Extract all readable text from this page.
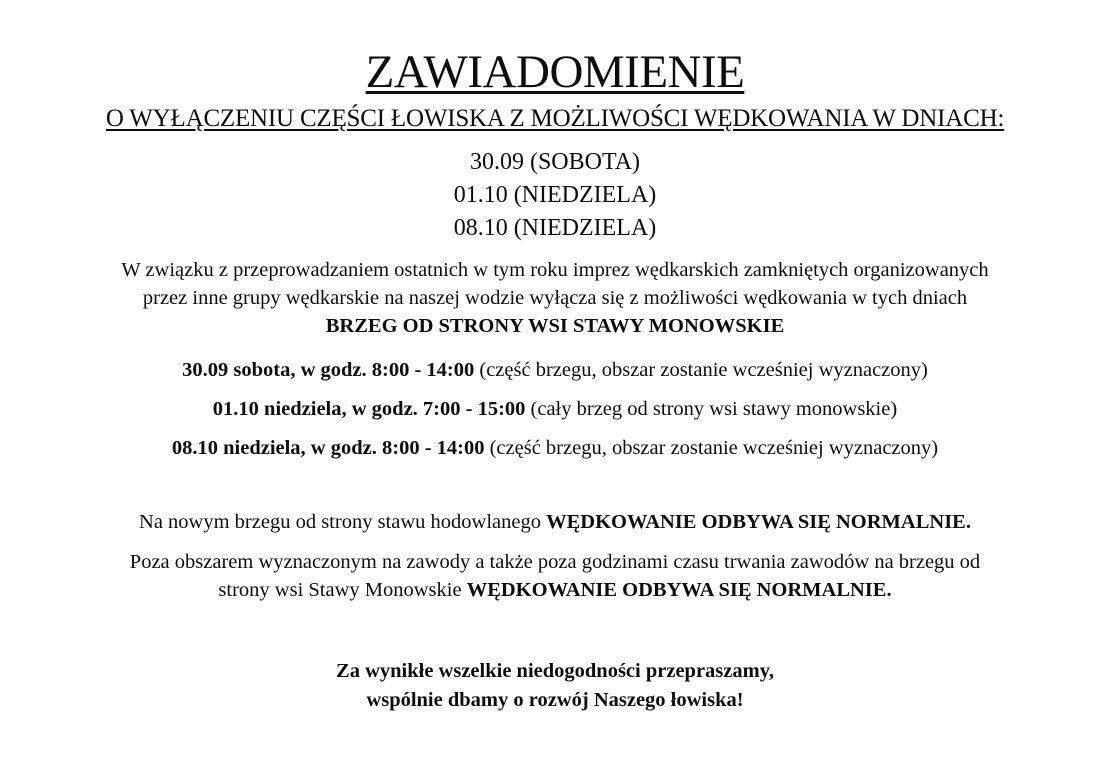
ZAWIADOMIENIE
O WYŁĄCZENIU CZĘŚCI ŁOWISKA Z MOŻLIWOŚCI WĘDKOWANIA W DNIACH:
30.09 (SOBOTA)
01.10 (NIEDZIELA)
08.10 (NIEDZIELA)
W związku z przeprowadzaniem ostatnich w tym roku imprez wędkarskich zamkniętych organizowanych
przez inne grupy wędkarskie na naszej wodzie wyłącza się z możliwości wędkowania w tych dniach
BRZEG OD STRONY WSI STAWY MONOWSKIE
30.09 sobota, w godz. 8:00 - 14:00 (część brzegu, obszar zostanie wcześniej wyznaczony)
01.10 niedziela, w godz. 7:00 - 15:00 (cały brzeg od strony wsi stawy monowskie)
08.10 niedziela, w godz. 8:00 - 14:00 (część brzegu, obszar zostanie wcześniej wyznaczony)
Na nowym brzegu od strony stawu hodowlanego WĘDKOWANIE ODBYWA SIĘ NORMALNIE.
Poza obszarem wyznaczonym na zawody a także poza godzinami czasu trwania zawodów na brzegu od
strony wsi Stawy Monowskie WĘDKOWANIE ODBYWA SIĘ NORMALNIE.
Za wynikłe wszelkie niedogodności przepraszamy,
wspólnie dbamy o rozwój Naszego łowiska!
